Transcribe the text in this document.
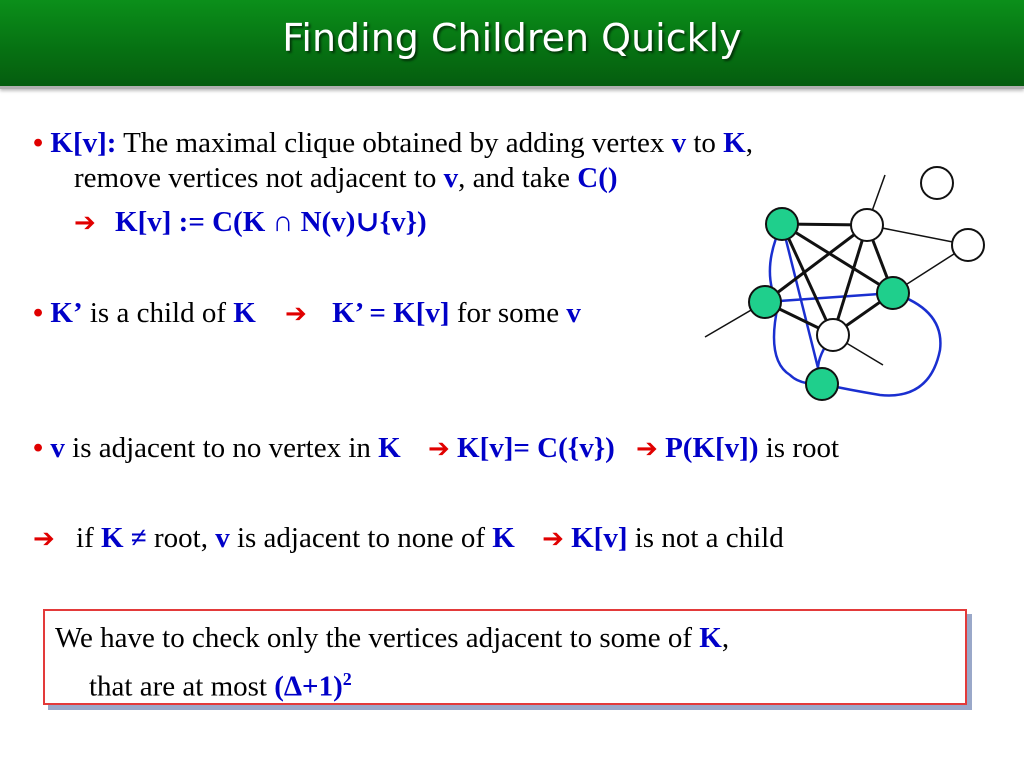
Finding Children Quickly
• K[v]: The maximal clique obtained by adding vertex v to K,
remove vertices not adjacent to v, and take C()
➔ K[v] := C(K ∩ N(v)∪{v})
• K’ is a child of K ➔ K’ = K[v] for some v
• v is adjacent to no vertex in K ➔ K[v]= C({v}) ➔ P(K[v]) is root
➔ if K ≠ root, v is adjacent to none of K ➔ K[v] is not a child
We have to check only the vertices adjacent to some of K,
that are at most $(\Delta+1)^2$
